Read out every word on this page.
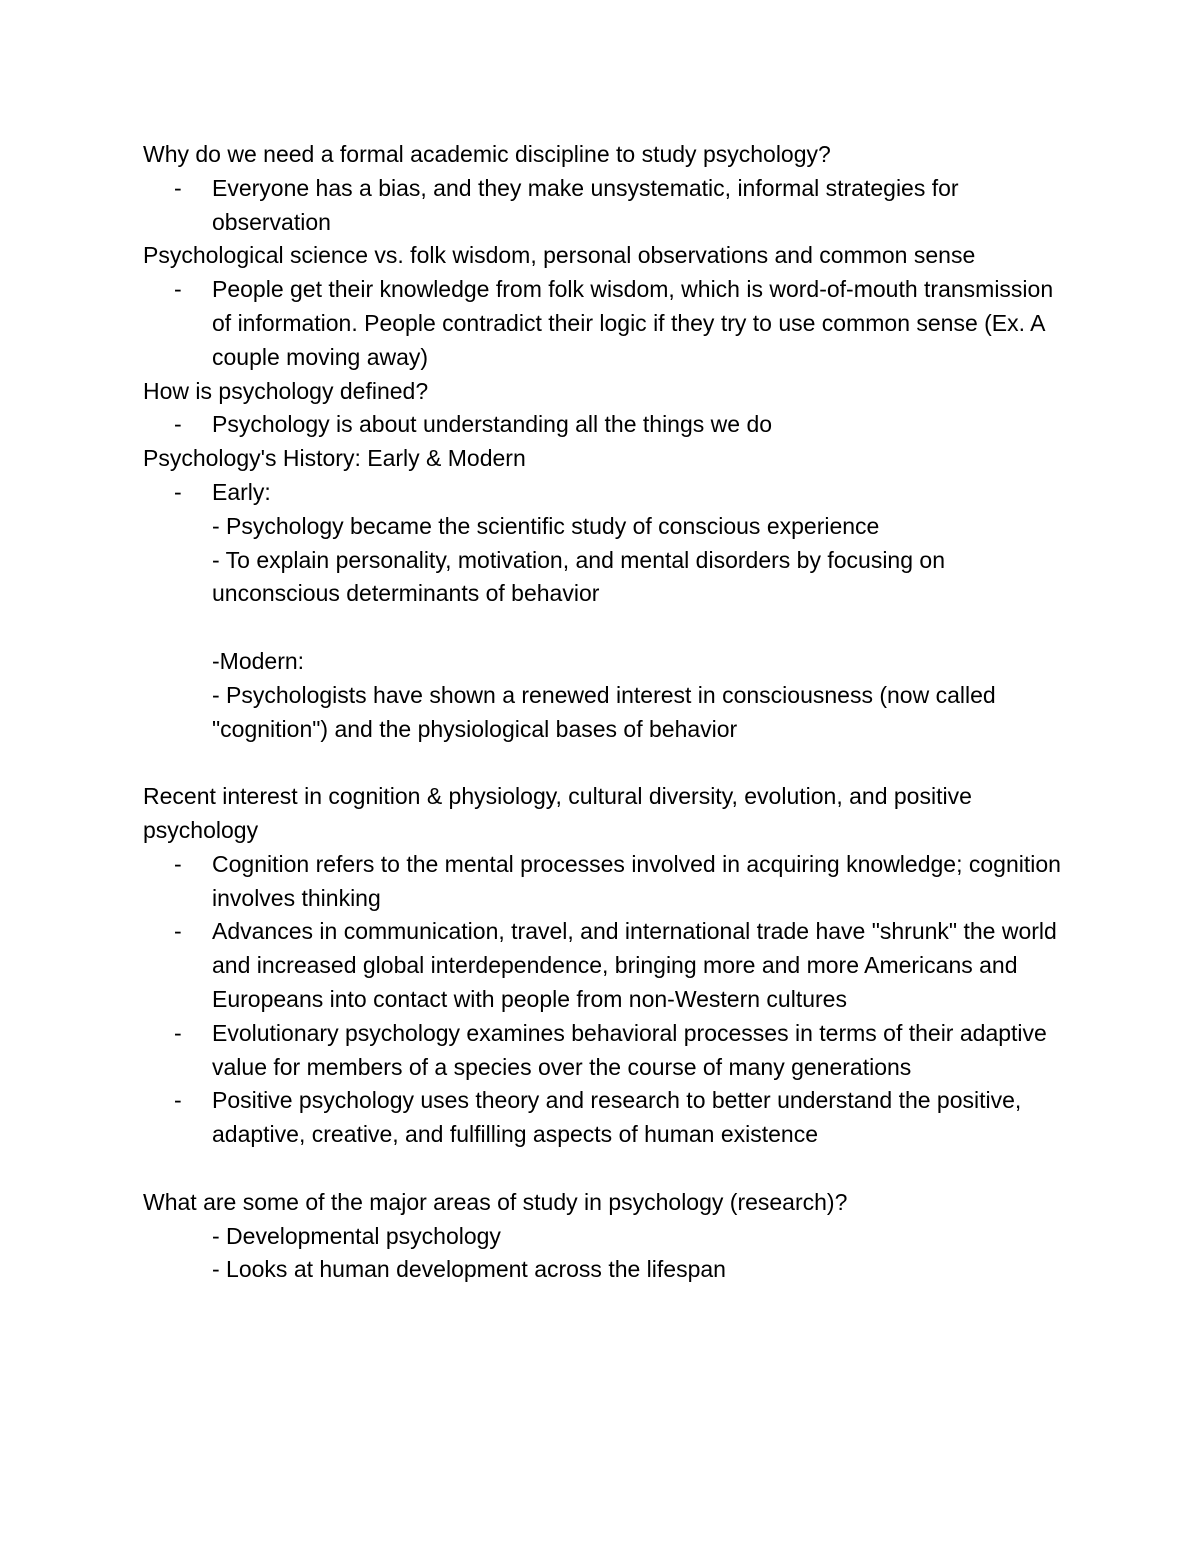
Why do we need a formal academic discipline to study psychology?

- Everyone has a bias, and they make unsystematic, informal strategies for observation

Psychological science vs. folk wisdom, personal observations and common sense

- People get their knowledge from folk wisdom, which is word-of-mouth transmission of information. People contradict their logic if they try to use common sense (Ex. A couple moving away)

How is psychology defined?

- Psychology is about understanding all the things we do

Psychology's History: Early & Modern

- Early:

- Psychology became the scientific study of conscious experience

- To explain personality, motivation, and mental disorders by focusing on unconscious determinants of behavior

-Modern:

- Psychologists have shown a renewed interest in consciousness (now called "cognition") and the physiological bases of behavior

Recent interest in cognition & physiology, cultural diversity, evolution, and positive psychology

- Cognition refers to the mental processes involved in acquiring knowledge; cognition involves thinking
- Advances in communication, travel, and international trade have "shrunk" the world and increased global interdependence, bringing more and more Americans and Europeans into contact with people from non-Western cultures
- Evolutionary psychology examines behavioral processes in terms of their adaptive value for members of a species over the course of many generations
- Positive psychology uses theory and research to better understand the positive, adaptive, creative, and fulfilling aspects of human existence

What are some of the major areas of study in psychology (research)?

- Developmental psychology

- Looks at human development across the lifespan
